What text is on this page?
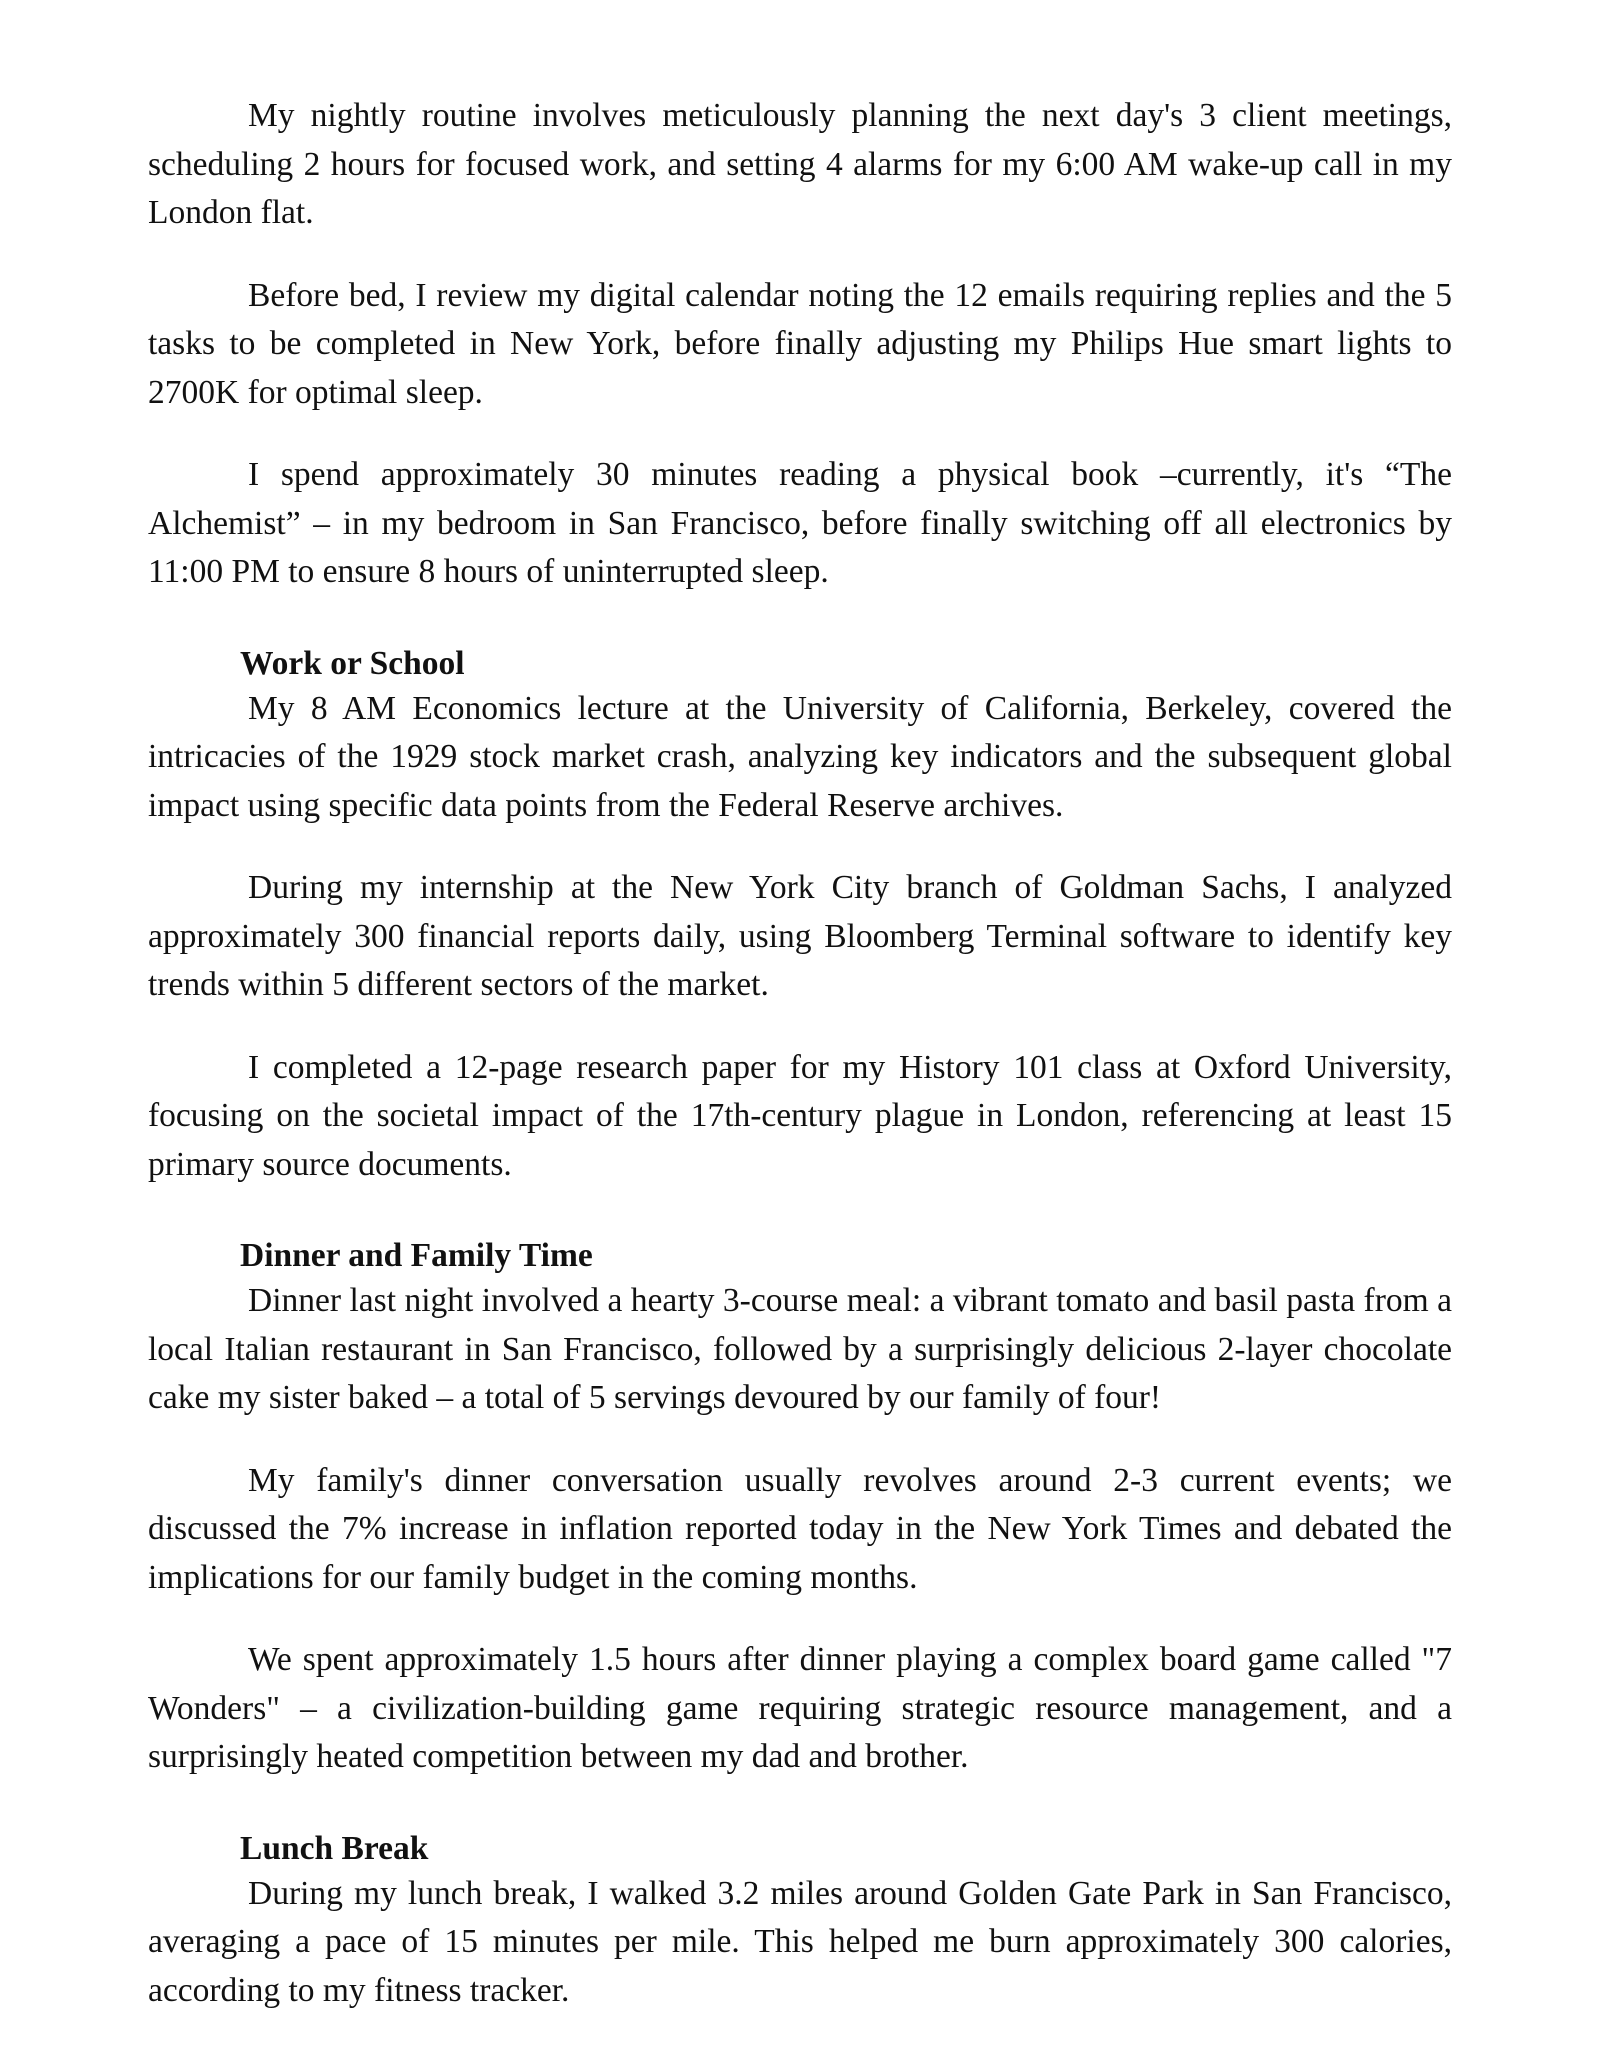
My nightly routine involves meticulously planning the next day's 3 client meetings, scheduling 2 hours for focused work, and setting 4 alarms for my 6:00 AM wake-up call in my London flat.

Before bed, I review my digital calendar noting the 12 emails requiring replies and the 5 tasks to be completed in New York, before finally adjusting my Philips Hue smart lights to 2700K for optimal sleep.

I spend approximately 30 minutes reading a physical book –currently, it's “The Alchemist” – in my bedroom in San Francisco, before finally switching off all electronics by 11:00 PM to ensure 8 hours of uninterrupted sleep.

Work or School

My 8 AM Economics lecture at the University of California, Berkeley, covered the intricacies of the 1929 stock market crash, analyzing key indicators and the subsequent global impact using specific data points from the Federal Reserve archives.

During my internship at the New York City branch of Goldman Sachs, I analyzed approximately 300 financial reports daily, using Bloomberg Terminal software to identify key trends within 5 different sectors of the market.

I completed a 12-page research paper for my History 101 class at Oxford University, focusing on the societal impact of the 17th-century plague in London, referencing at least 15 primary source documents.

Dinner and Family Time

Dinner last night involved a hearty 3-course meal: a vibrant tomato and basil pasta from a local Italian restaurant in San Francisco, followed by a surprisingly delicious 2-layer chocolate cake my sister baked – a total of 5 servings devoured by our family of four!

My family's dinner conversation usually revolves around 2-3 current events; we discussed the 7% increase in inflation reported today in the New York Times and debated the implications for our family budget in the coming months.

We spent approximately 1.5 hours after dinner playing a complex board game called "7 Wonders" – a civilization-building game requiring strategic resource management, and a surprisingly heated competition between my dad and brother.

Lunch Break

During my lunch break, I walked 3.2 miles around Golden Gate Park in San Francisco, averaging a pace of 15 minutes per mile. This helped me burn approximately 300 calories, according to my fitness tracker.
